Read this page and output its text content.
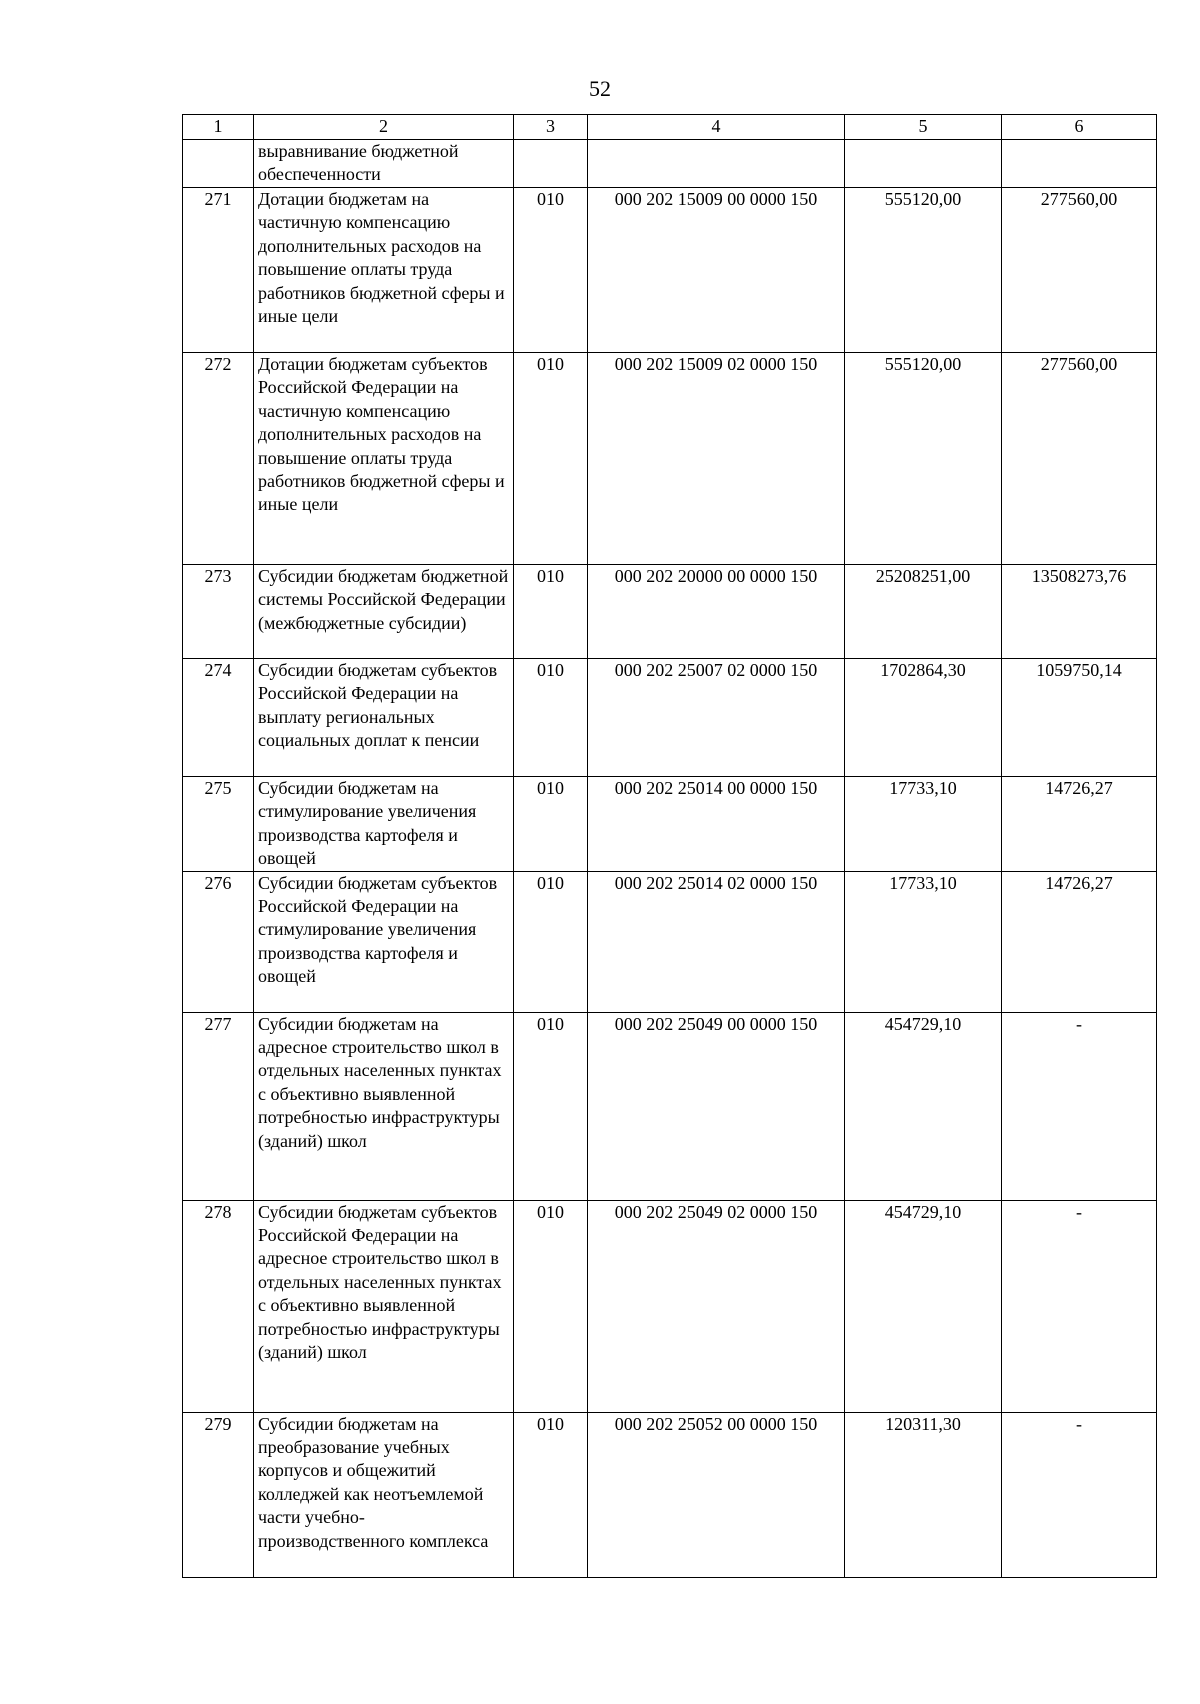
52
1	2	3	4	5	6
	выравнивание бюджетной обеспеченности				
271	Дотации бюджетам на частичную компенсацию дополнительных расходов на повышение оплаты труда работников бюджетной сферы и иные цели	010	000 202 15009 00 0000 150	555120,00	277560,00
272	Дотации бюджетам субъектов Российской Федерации на частичную компенсацию дополнительных расходов на повышение оплаты труда работников бюджетной сферы и иные цели	010	000 202 15009 02 0000 150	555120,00	277560,00
273	Субсидии бюджетам бюджетной системы Российской Федерации (межбюджетные субсидии)	010	000 202 20000 00 0000 150	25208251,00	13508273,76
274	Субсидии бюджетам субъектов Российской Федерации на выплату региональных социальных доплат к пенсии	010	000 202 25007 02 0000 150	1702864,30	1059750,14
275	Субсидии бюджетам на стимулирование увеличения производства картофеля и овощей	010	000 202 25014 00 0000 150	17733,10	14726,27
276	Субсидии бюджетам субъектов Российской Федерации на стимулирование увеличения производства картофеля и овощей	010	000 202 25014 02 0000 150	17733,10	14726,27
277	Субсидии бюджетам на адресное строительство школ в отдельных населенных пунктах с объективно выявленной потребностью инфраструктуры (зданий) школ	010	000 202 25049 00 0000 150	454729,10	-
278	Субсидии бюджетам субъектов Российской Федерации на адресное строительство школ в отдельных населенных пунктах с объективно выявленной потребностью инфраструктуры (зданий) школ	010	000 202 25049 02 0000 150	454729,10	-
279	Субсидии бюджетам на преобразование учебных корпусов и общежитий колледжей как неотъемлемой части учебно-производственного комплекса	010	000 202 25052 00 0000 150	120311,30	-
